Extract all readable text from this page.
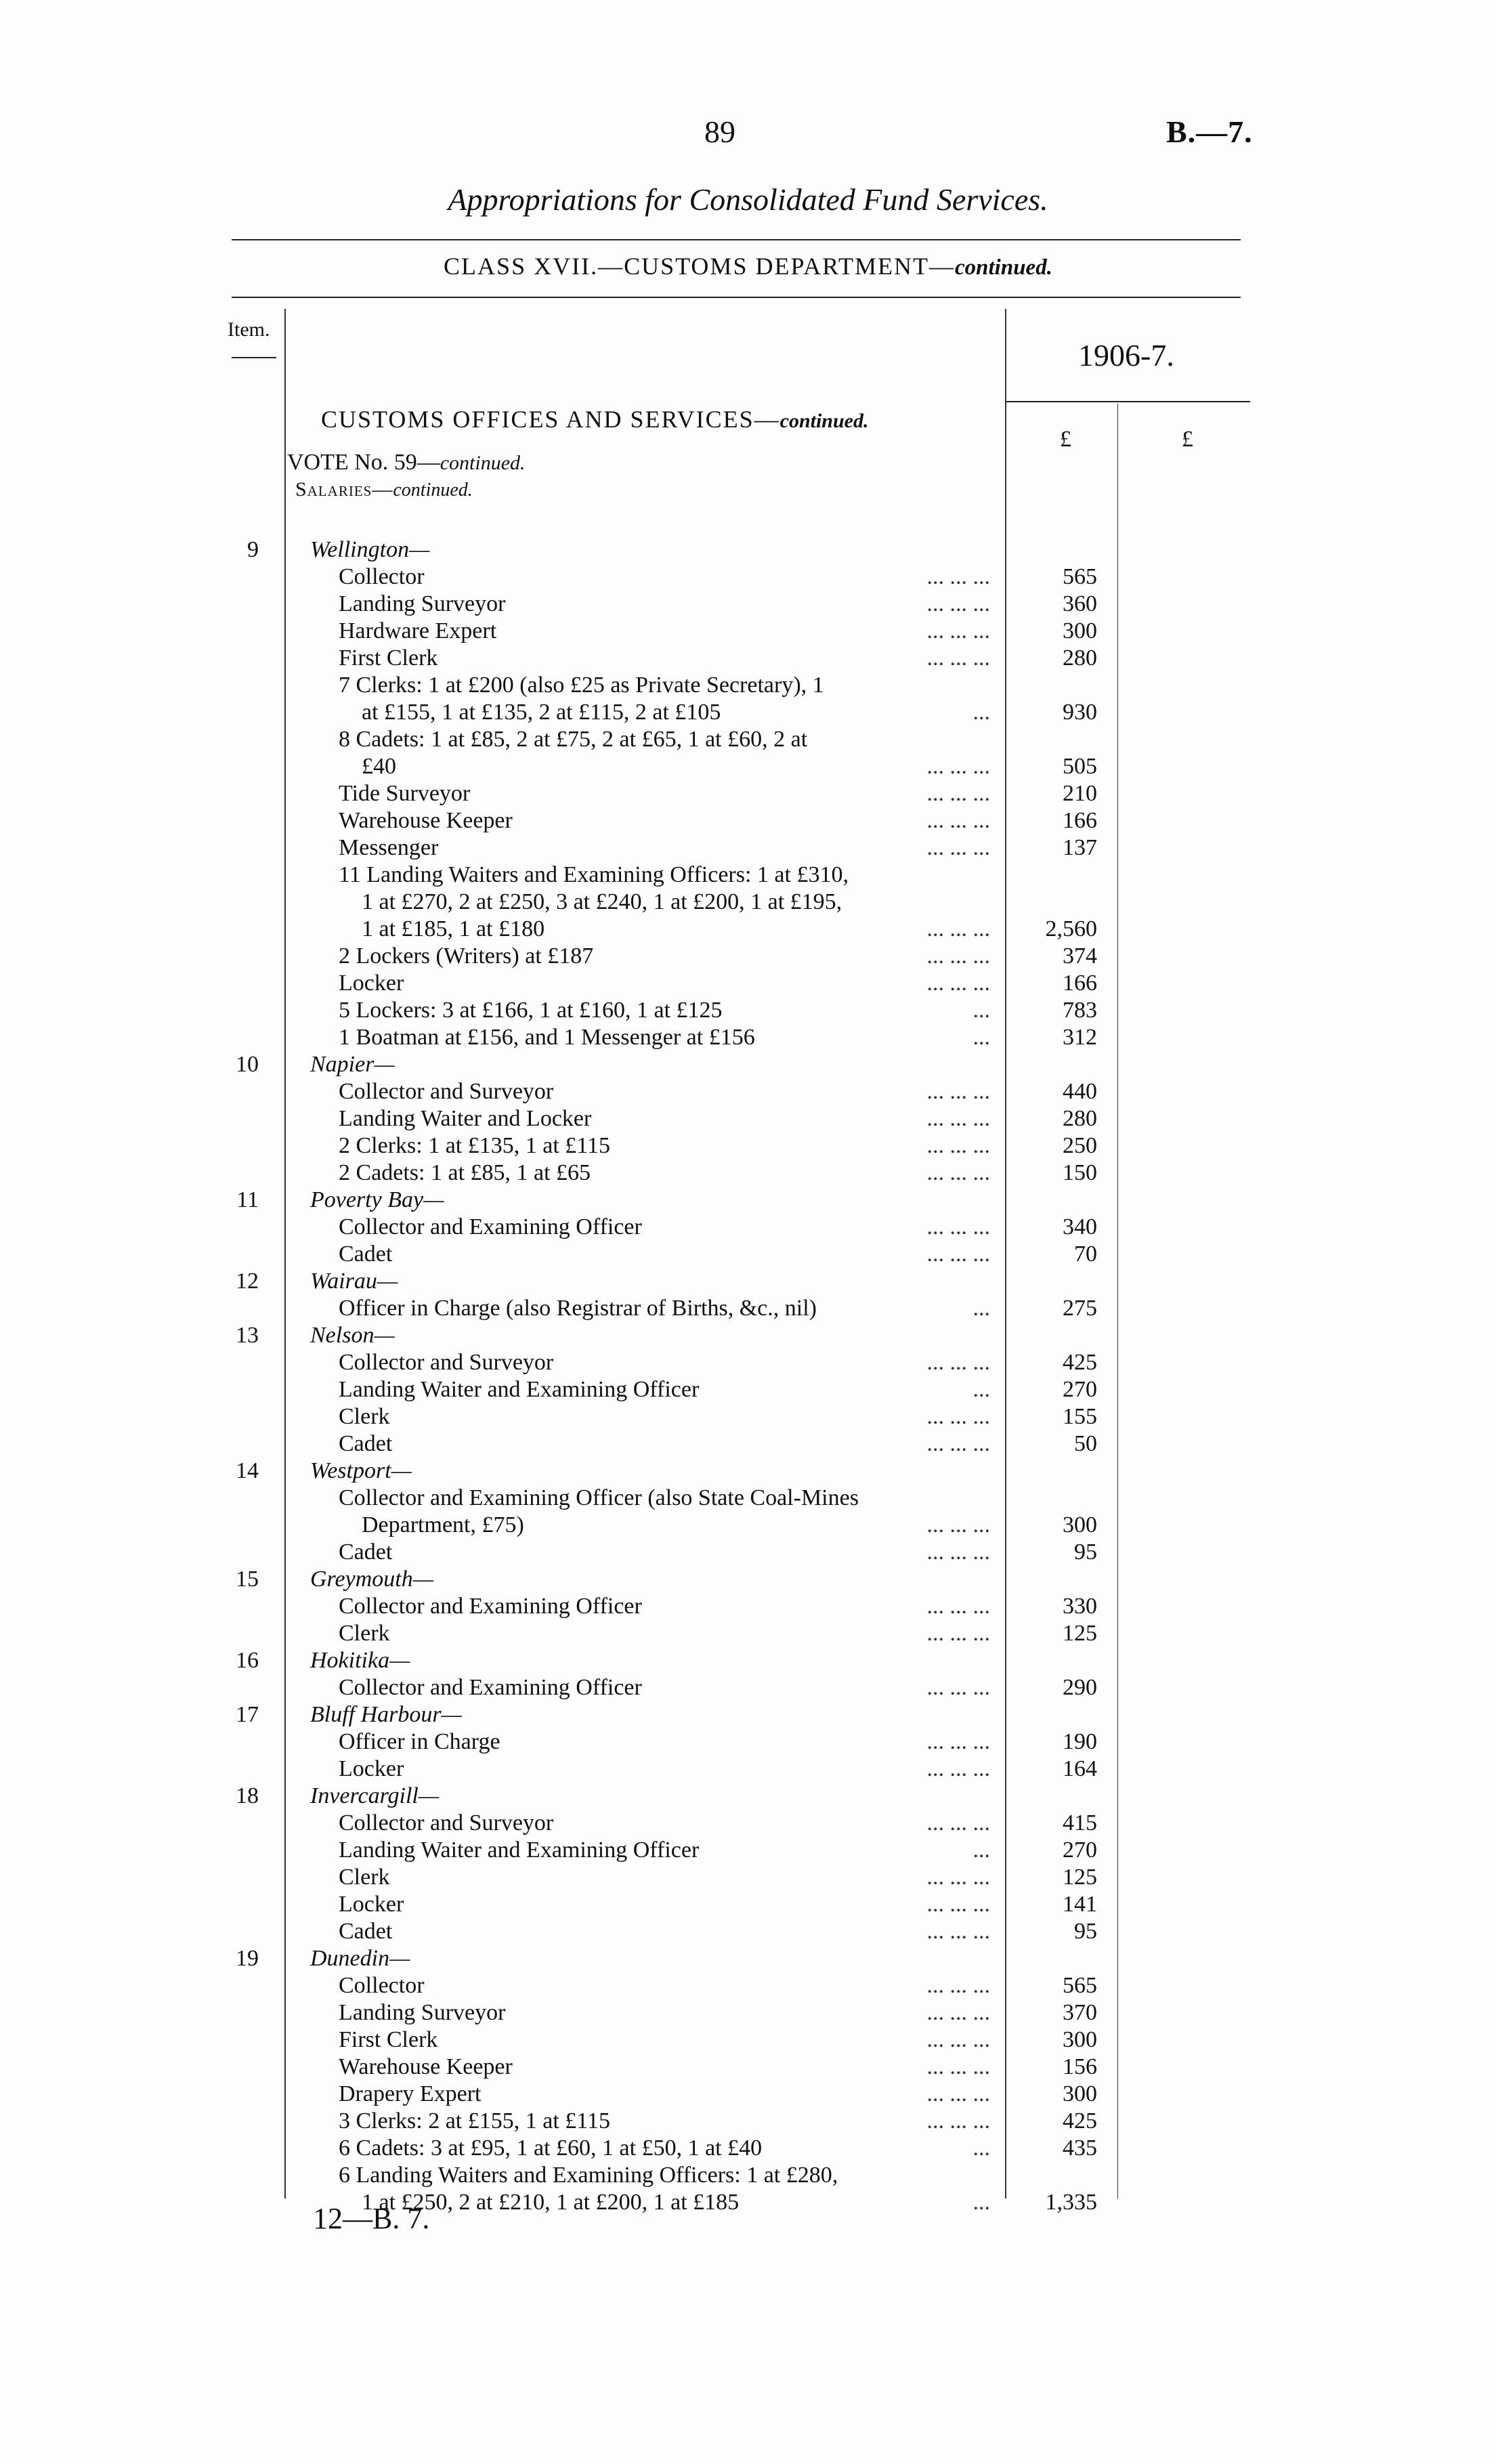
89	B.—7.
Appropriations for Consolidated Fund Services.
CLASS XVII.—CUSTOMS DEPARTMENT—continued.
Item.
1906-7.
£	£
CUSTOMS OFFICES AND SERVICES—continued.
VOTE No. 59—continued.
Salaries—continued.
9 Wellington—
Collector	... ... ...	565
Landing Surveyor	... ... ...	360
Hardware Expert	... ... ...	300
First Clerk	... ... ...	280
7 Clerks: 1 at £200 (also £25 as Private Secretary), 1
at £155, 1 at £135, 2 at £115, 2 at £105	...	930
8 Cadets: 1 at £85, 2 at £75, 2 at £65, 1 at £60, 2 at
£40	... ... ...	505
Tide Surveyor	... ... ...	210
Warehouse Keeper	... ... ...	166
Messenger	... ... ...	137
11 Landing Waiters and Examining Officers: 1 at £310,
1 at £270, 2 at £250, 3 at £240, 1 at £200, 1 at £195,
1 at £185, 1 at £180	... ... ...	2,560
2 Lockers (Writers) at £187	... ... ...	374
Locker	... ... ...	166
5 Lockers: 3 at £166, 1 at £160, 1 at £125	...	783
1 Boatman at £156, and 1 Messenger at £156	...	312
10 Napier—
Collector and Surveyor	... ... ...	440
Landing Waiter and Locker	... ... ...	280
2 Clerks: 1 at £135, 1 at £115	... ... ...	250
2 Cadets: 1 at £85, 1 at £65	... ... ...	150
11 Poverty Bay—
Collector and Examining Officer	... ... ...	340
Cadet	... ... ...	70
12 Wairau—
Officer in Charge (also Registrar of Births, &c., nil)	...	275
13 Nelson—
Collector and Surveyor	... ... ...	425
Landing Waiter and Examining Officer	...	270
Clerk	... ... ...	155
Cadet	... ... ...	50
14 Westport—
Collector and Examining Officer (also State Coal-Mines
Department, £75)	... ... ...	300
Cadet	... ... ...	95
15 Greymouth—
Collector and Examining Officer	... ... ...	330
Clerk	... ... ...	125
16 Hokitika—
Collector and Examining Officer	... ... ...	290
17 Bluff Harbour—
Officer in Charge	... ... ...	190
Locker	... ... ...	164
18 Invercargill—
Collector and Surveyor	... ... ...	415
Landing Waiter and Examining Officer	...	270
Clerk	... ... ...	125
Locker	... ... ...	141
Cadet	... ... ...	95
19 Dunedin—
Collector	... ... ...	565
Landing Surveyor	... ... ...	370
First Clerk	... ... ...	300
Warehouse Keeper	... ... ...	156
Drapery Expert	... ... ...	300
3 Clerks: 2 at £155, 1 at £115	... ... ...	425
6 Cadets: 3 at £95, 1 at £60, 1 at £50, 1 at £40	...	435
6 Landing Waiters and Examining Officers: 1 at £280,
1 at £250, 2 at £210, 1 at £200, 1 at £185	...	1,335
12—B. 7.
